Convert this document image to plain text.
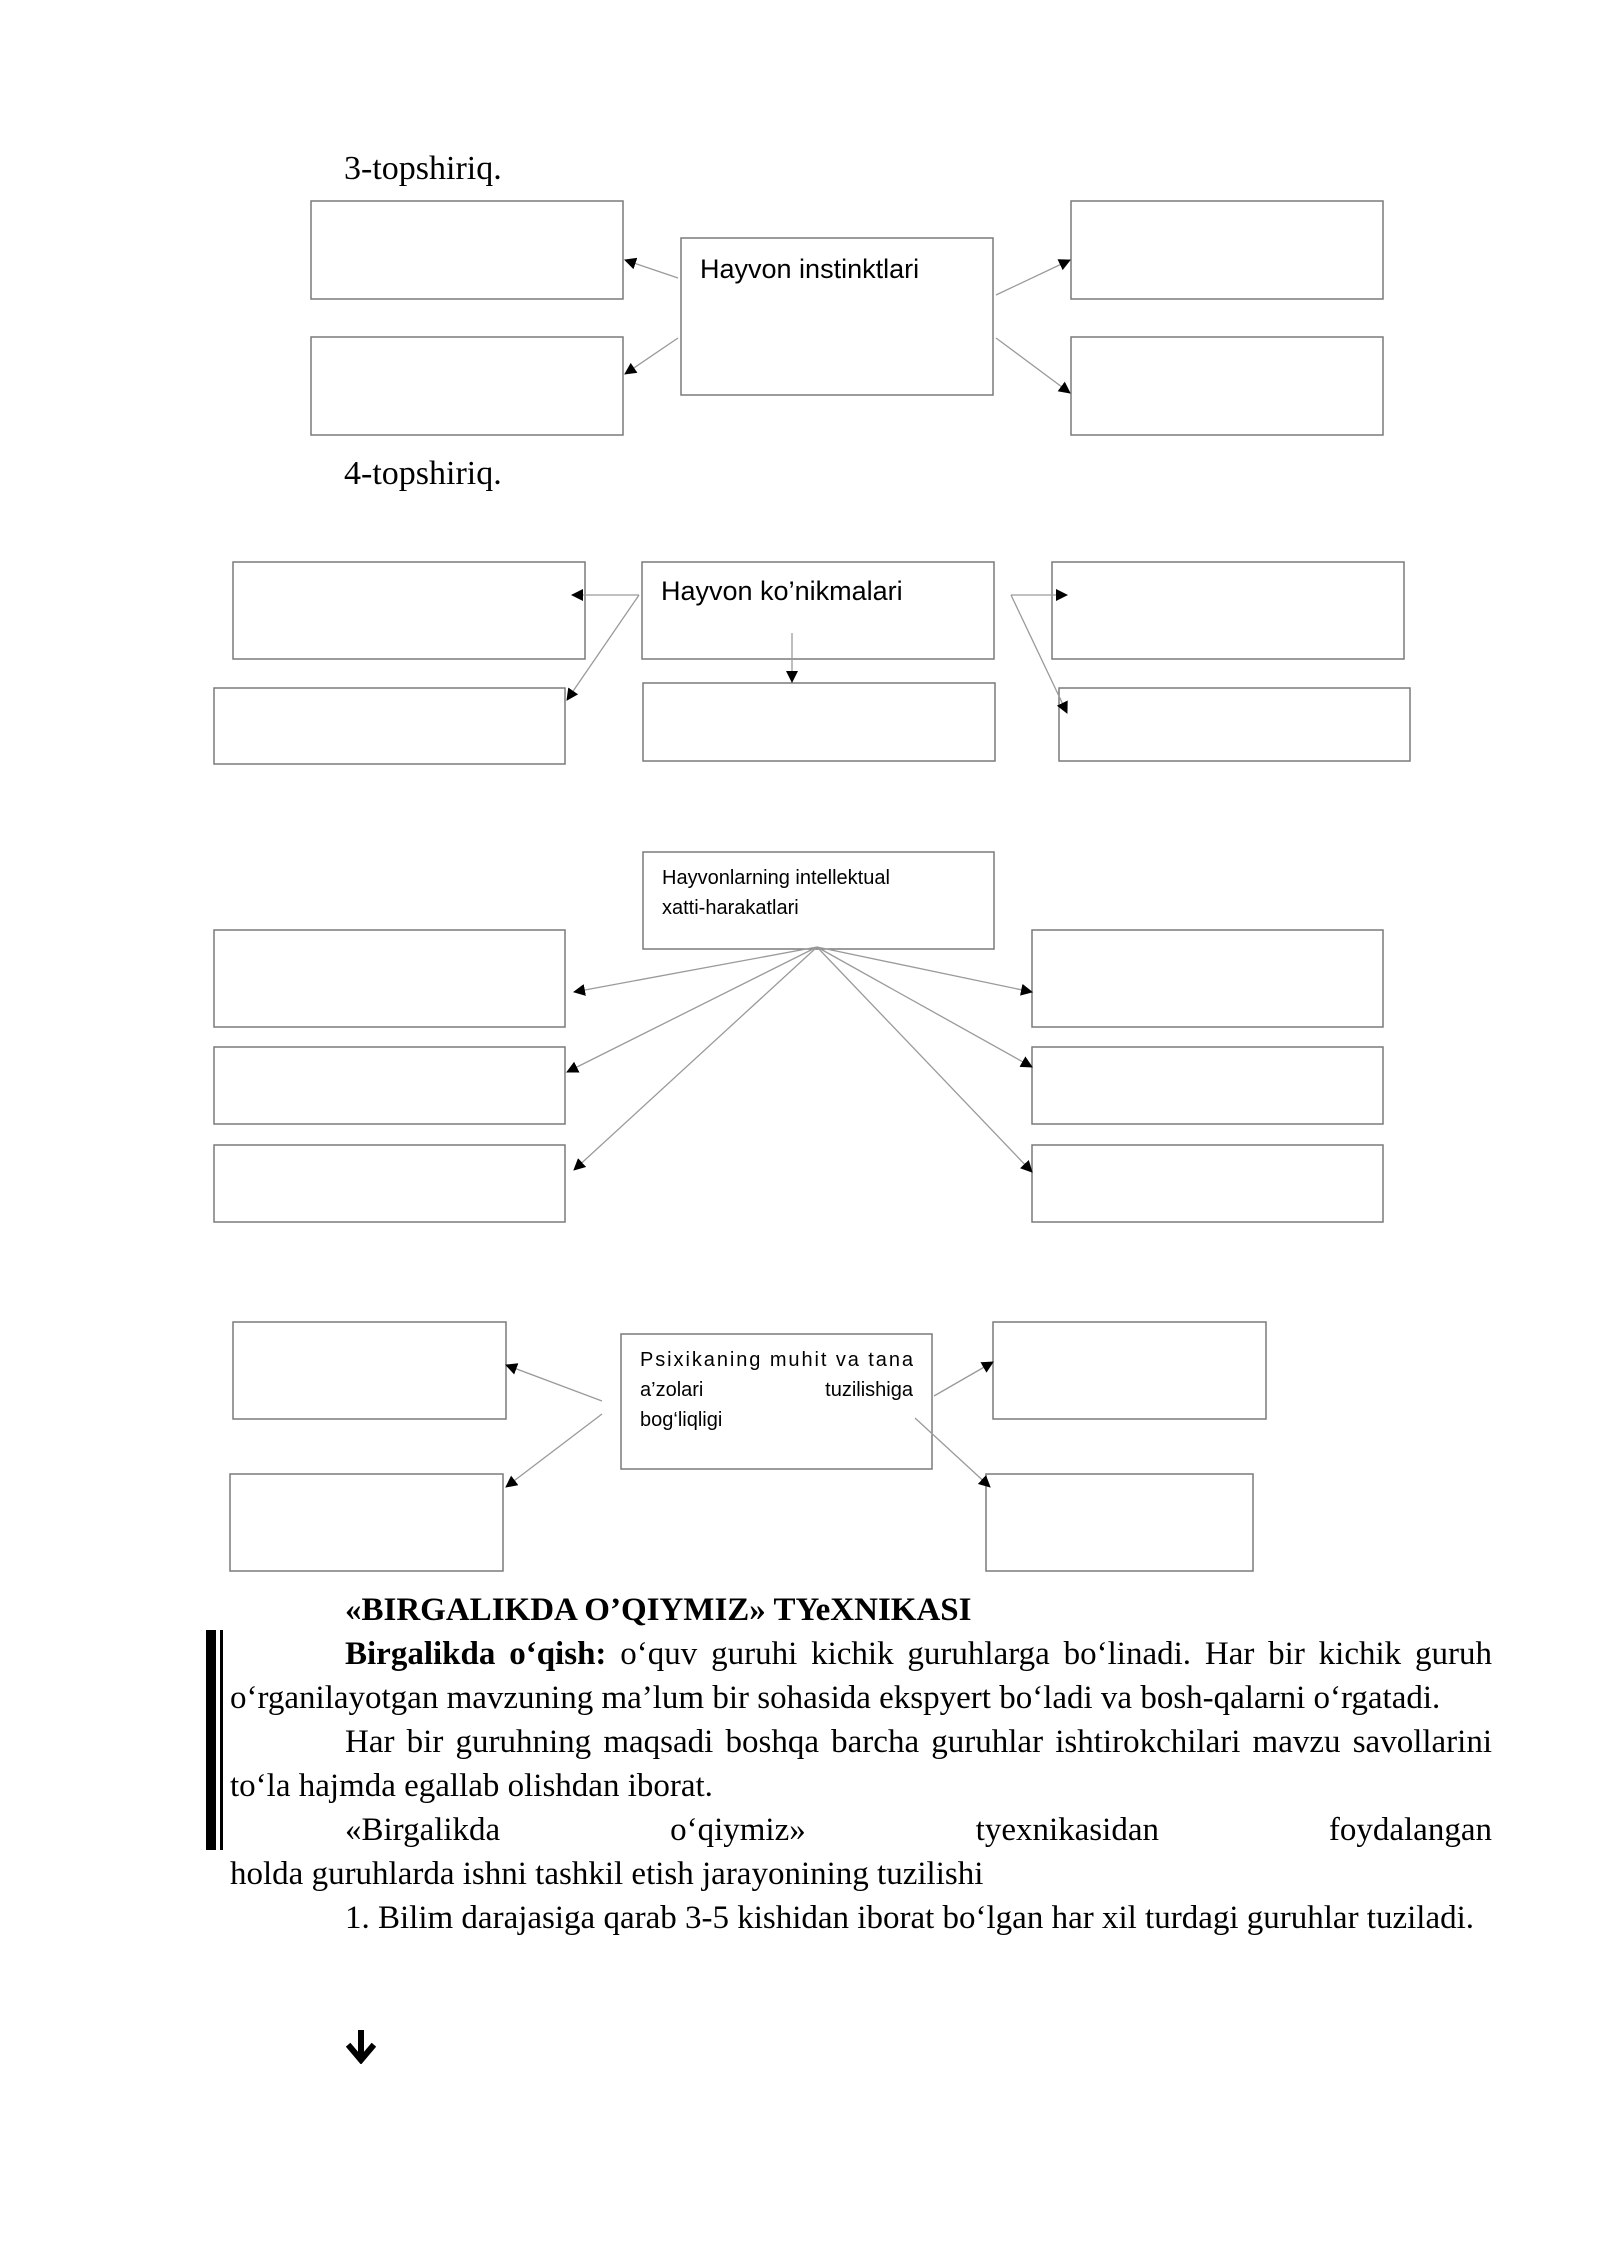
3-topshiriq.
4-topshiriq.
Hayvon instinktlari
Hayvon ko’nikmalari
Hayvonlarning intellektual
xatti-harakatlari
Psixikaning muhit va tana
a’zolari	tuzilishiga
bog‘liqligi

«BIRGALIKDA O’QIYMIZ» TYeXNIKASI

Birgalikda o‘qish: o‘quv guruhi kichik guruhlarga bo‘linadi. Har bir kichik guruh o‘rganilayotgan mavzuning ma’lum bir sohasida ekspyert bo‘ladi va bosh-qalarni o‘rgatadi.

Har bir guruhning maqsadi boshqa barcha guruhlar ishtirokchilari mavzu savollarini to‘la hajmda egallab olishdan iborat.

«Birgalikda	o‘qiymiz»	tyexnikasidan	foydalangan

holda guruhlarda ishni tashkil etish jarayonining tuzilishi

1. Bilim darajasiga qarab 3-5 kishidan iborat bo‘lgan har xil turdagi guruhlar tuziladi.
